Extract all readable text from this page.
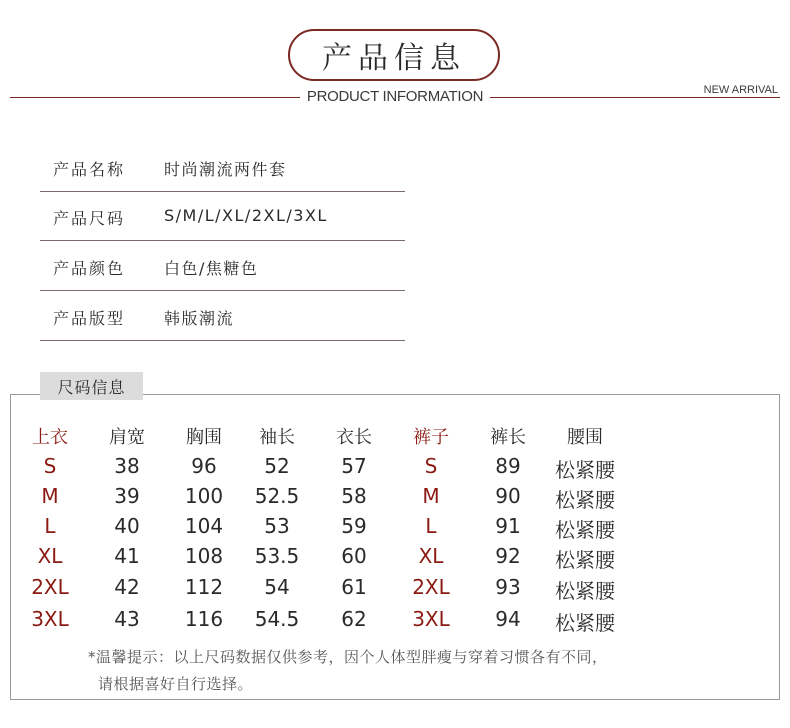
产品信息
PRODUCT INFORMATION	NEW ARRIVAL
产品名称 时尚潮流两件套
产品尺码 S/M/L/XL/2XL/3XL
产品颜色 白色/焦糖色
产品版型 韩版潮流
尺码信息
上衣 肩宽 胸围 袖长 衣长 裤子 裤长 腰围
S	38	96 52	57	S	89 松紧腰
M	39 100 52.5 58	M	90 松紧腰
L	40 104 53	59	L	91 松紧腰
XL	41 108 53.5 60	XL	92 松紧腰
2XL 42 112 54	61 2XL 93 松紧腰
3XL 43 116 54.5 62 3XL 94 松紧腰
*温馨提示：以上尺码数据仅供参考，因个人体型胖瘦与穿着习惯各有不同，
请根据喜好自行选择。
